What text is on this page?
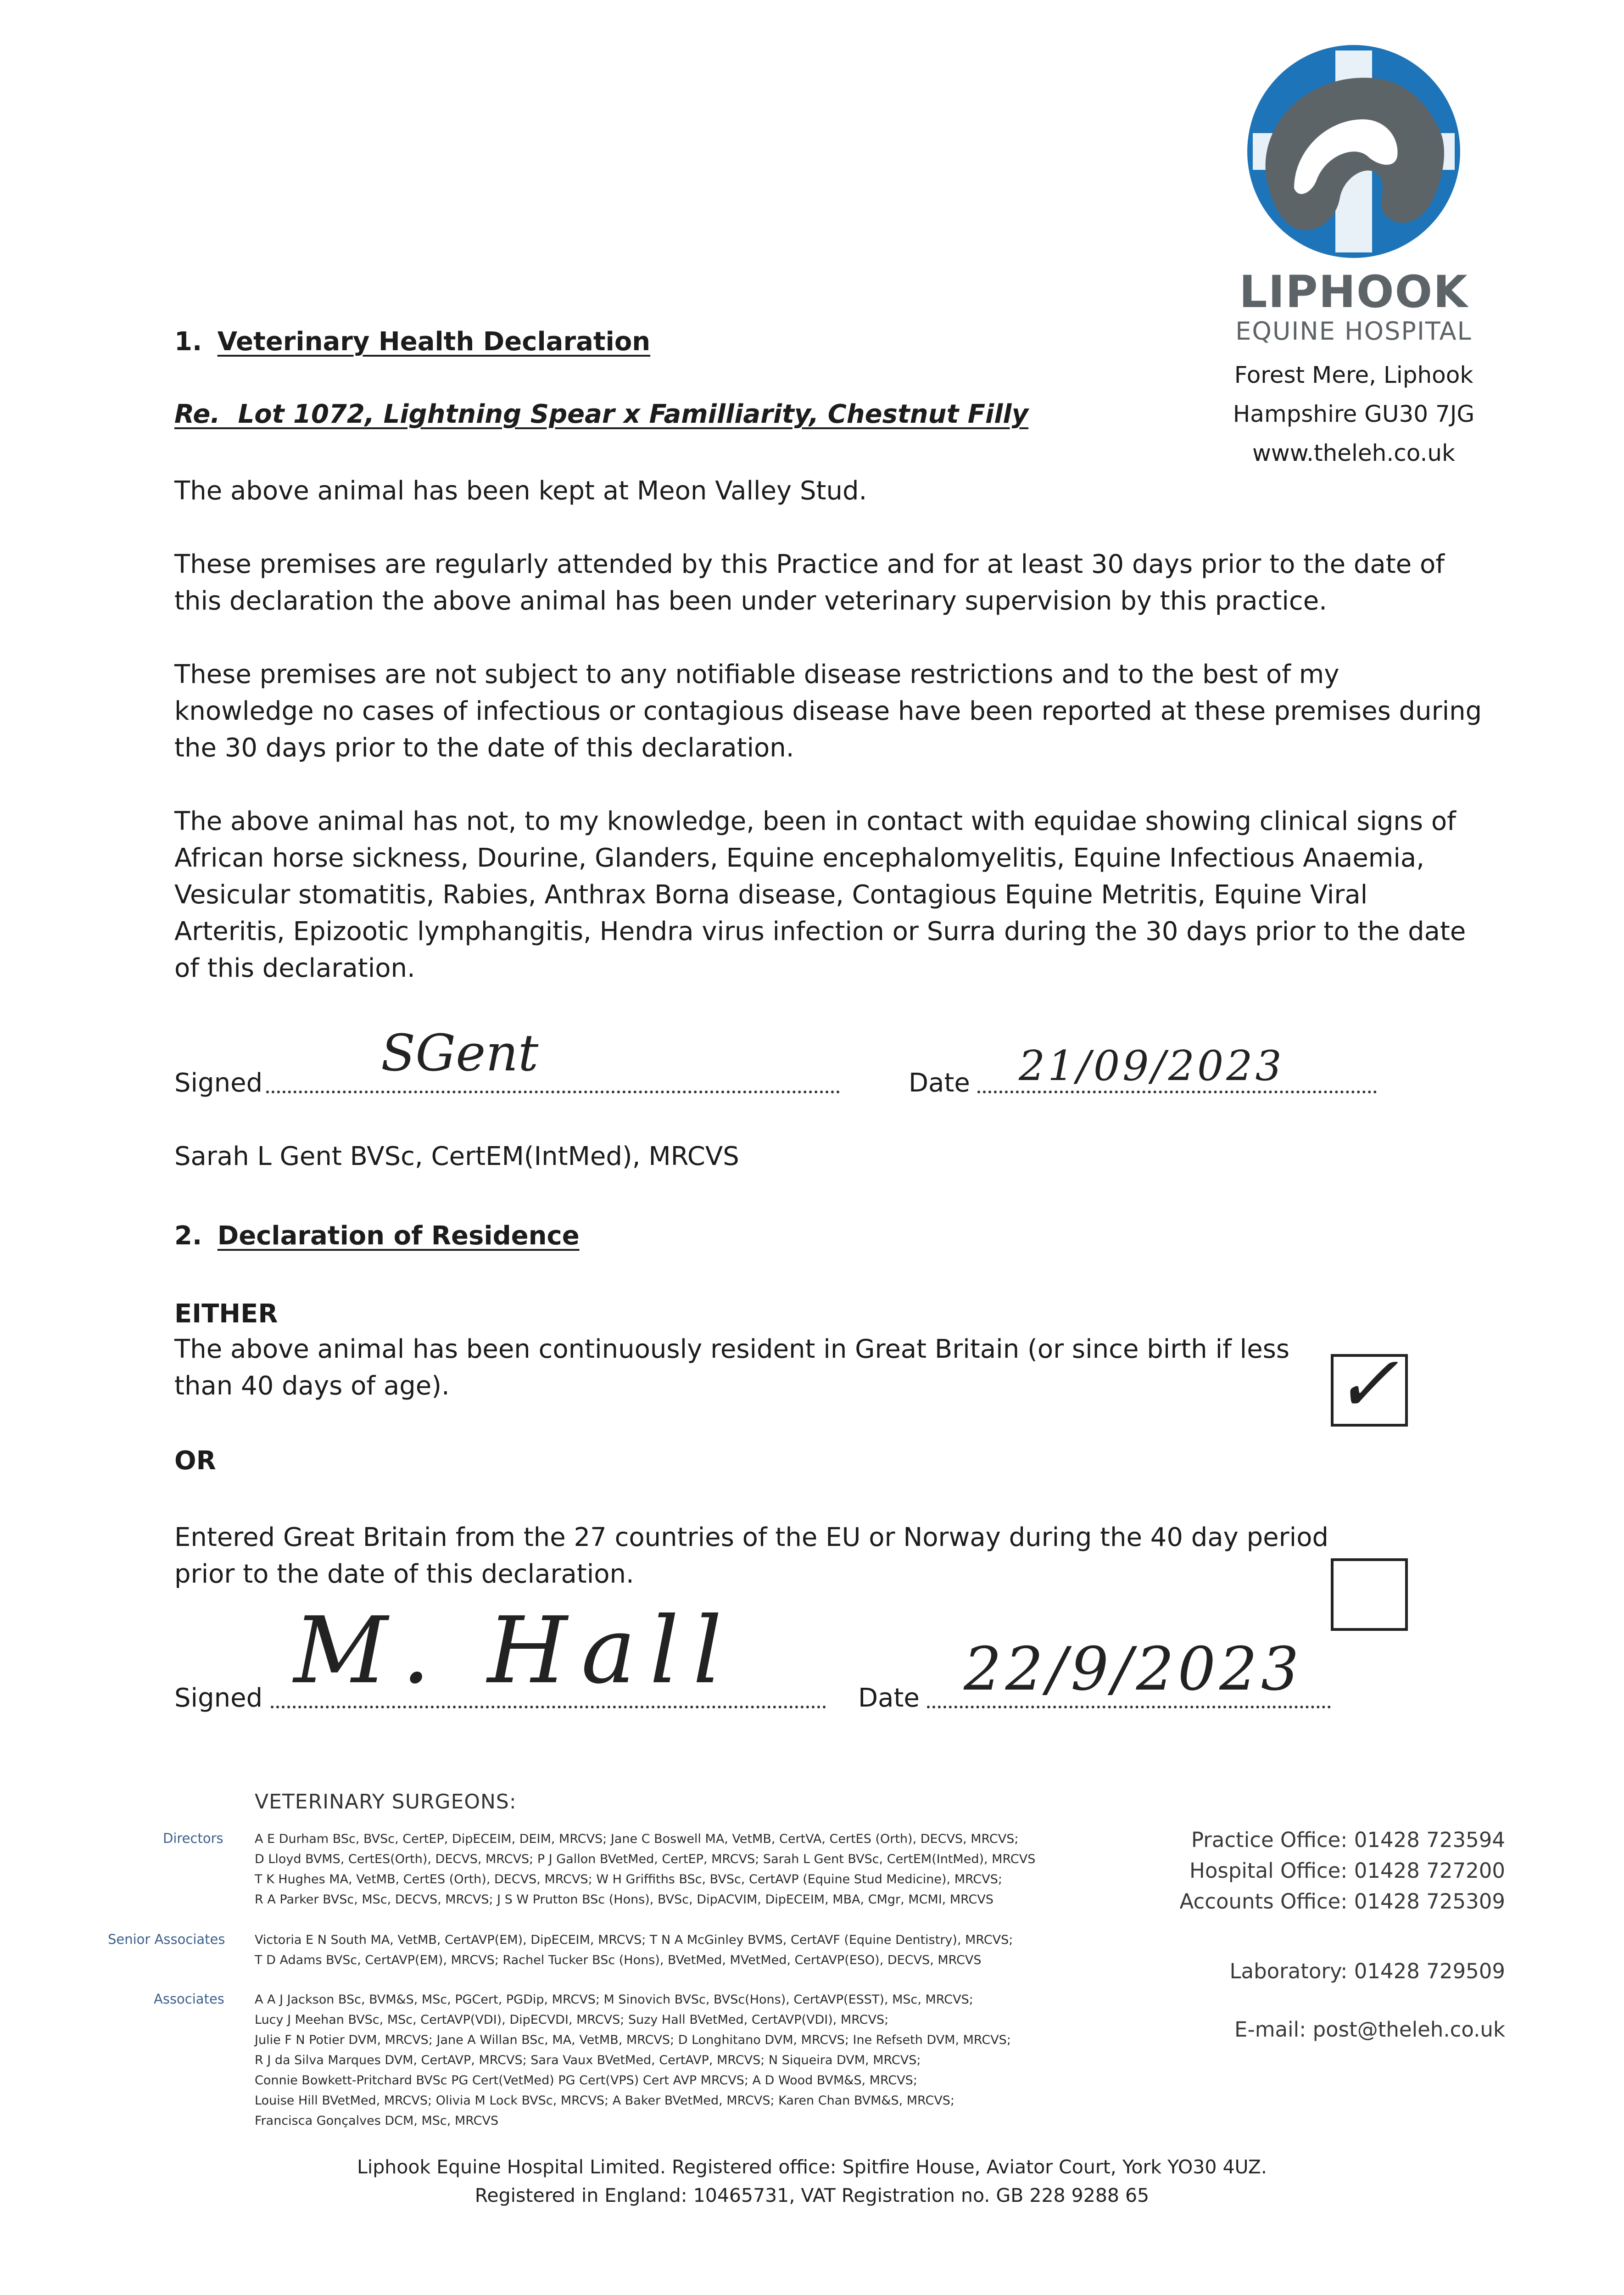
LIPHOOK
EQUINE HOSPITAL
Forest Mere, Liphook
Hampshire GU30 7JG
www.theleh.co.uk
1. Veterinary Health Declaration
Re.  Lot 1072, Lightning Spear x Familliarity, Chestnut Filly
The above animal has been kept at Meon Valley Stud.
These premises are regularly attended by this Practice and for at least 30 days prior to the date of this declaration the above animal has been under veterinary supervision by this practice.
These premises are not subject to any notifiable disease restrictions and to the best of my knowledge no cases of infectious or contagious disease have been reported at these premises during the 30 days prior to the date of this declaration.
The above animal has not, to my knowledge, been in contact with equidae showing clinical signs of African horse sickness, Dourine, Glanders, Equine encephalomyelitis, Equine Infectious Anaemia, Vesicular stomatitis, Rabies, Anthrax Borna disease, Contagious Equine Metritis, Equine Viral Arteritis, Epizootic lymphangitis, Hendra virus infection or Surra during the 30 days prior to the date of this declaration.
Signed
SGent
Date 21/09/2023
Sarah L Gent BVSc, CertEM(IntMed), MRCVS
2. Declaration of Residence
EITHER
The above animal has been continuously resident in Great Britain (or since birth if less than 40 days of age).	✓
OR
Entered Great Britain from the 27 countries of the EU or Norway during the 40 day period prior to the date of this declaration.
Signed M. Hall	Date 22/9/2023
VETERINARY SURGEONS:
Directors	A E Durham BSc, BVSc, CertEP, DipECEIM, DEIM, MRCVS; Jane C Boswell MA, VetMB, CertVA, CertES (Orth), DECVS, MRCVS;
D Lloyd BVMS, CertES(Orth), DECVS, MRCVS; P J Gallon BVetMed, CertEP, MRCVS; Sarah L Gent BVSc, CertEM(IntMed), MRCVS
T K Hughes MA, VetMB, CertES (Orth), DECVS, MRCVS; W H Griffiths BSc, BVSc, CertAVP (Equine Stud Medicine), MRCVS;
R A Parker BVSc, MSc, DECVS, MRCVS; J S W Prutton BSc (Hons), BVSc, DipACVIM, DipECEIM, MBA, CMgr, MCMI, MRCVS
Senior Associates Victoria E N South MA, VetMB, CertAVP(EM), DipECEIM, MRCVS; T N A McGinley BVMS, CertAVF (Equine Dentistry), MRCVS;
T D Adams BVSc, CertAVP(EM), MRCVS; Rachel Tucker BSc (Hons), BVetMed, MVetMed, CertAVP(ESO), DECVS, MRCVS
Associates A A J Jackson BSc, BVM&S, MSc, PGCert, PGDip, MRCVS; M Sinovich BVSc, BVSc(Hons), CertAVP(ESST), MSc, MRCVS;
Lucy J Meehan BVSc, MSc, CertAVP(VDI), DipECVDI, MRCVS; Suzy Hall BVetMed, CertAVP(VDI), MRCVS;
Julie F N Potier DVM, MRCVS; Jane A Willan BSc, MA, VetMB, MRCVS; D Longhitano DVM, MRCVS; Ine Refseth DVM, MRCVS;
R J da Silva Marques DVM, CertAVP, MRCVS; Sara Vaux BVetMed, CertAVP, MRCVS; N Siqueira DVM, MRCVS;
Connie Bowkett-Pritchard BVSc PG Cert(VetMed) PG Cert(VPS) Cert AVP MRCVS; A D Wood BVM&S, MRCVS;
Louise Hill BVetMed, MRCVS; Olivia M Lock BVSc, MRCVS; A Baker BVetMed, MRCVS; Karen Chan BVM&S, MRCVS;
Francisca Gonçalves DCM, MSc, MRCVS
Practice Office: 01428 723594
Hospital Office: 01428 727200
Accounts Office: 01428 725309
Laboratory: 01428 729509
E-mail: post@theleh.co.uk
Liphook Equine Hospital Limited. Registered office: Spitfire House, Aviator Court, York YO30 4UZ.
Registered in England: 10465731, VAT Registration no. GB 228 9288 65
